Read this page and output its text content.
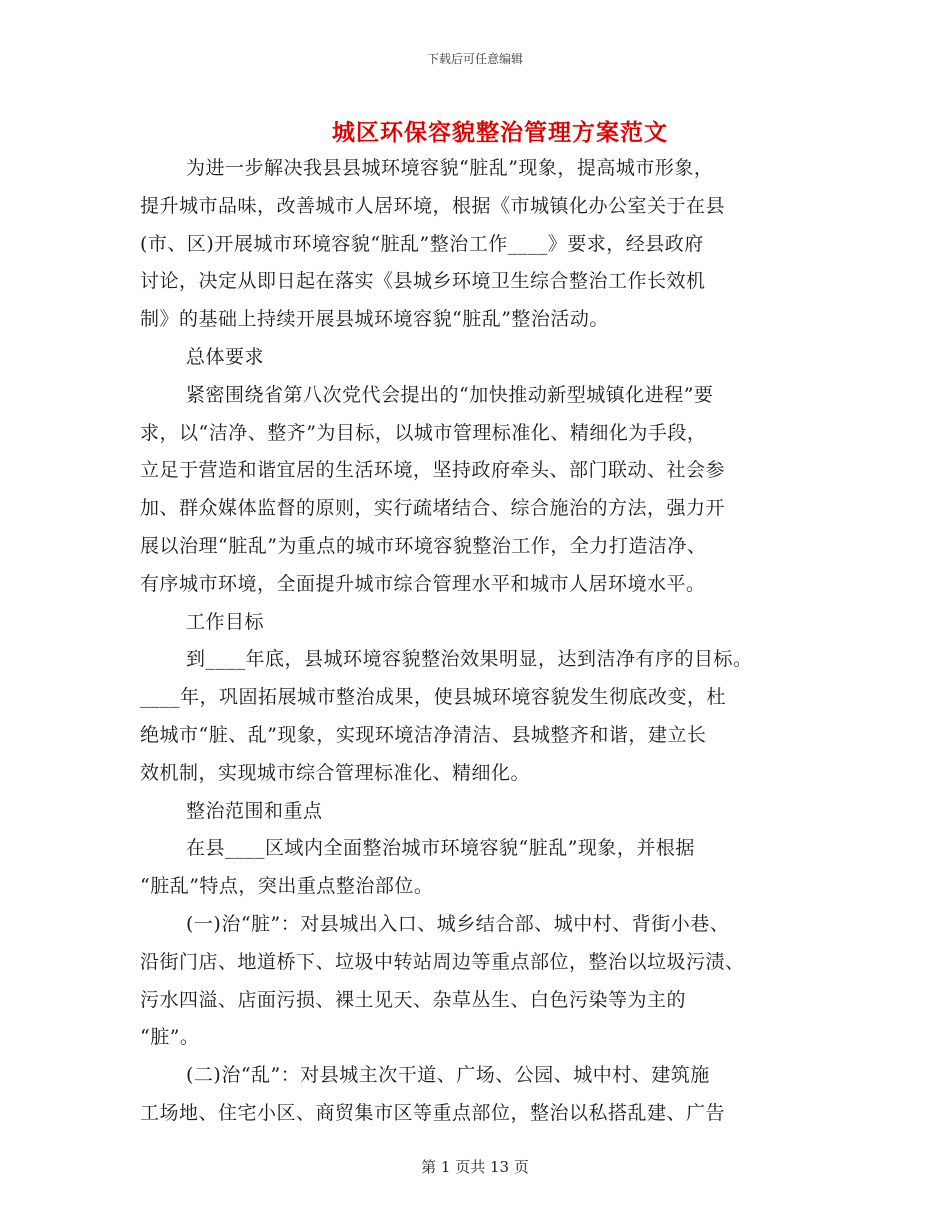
下载后可任意编辑
城区环保容貌整治管理方案范文
为进一步解决我县县城环境容貌“脏乱”现象，提高城市形象，
提升城市品味，改善城市人居环境，根据《市城镇化办公室关于在县
(市、区)开展城市环境容貌“脏乱”整治工作____》要求，经县政府
讨论，决定从即日起在落实《县城乡环境卫生综合整治工作长效机
制》的基础上持续开展县城环境容貌“脏乱”整治活动。
总体要求
紧密围绕省第八次党代会提出的“加快推动新型城镇化进程”要
求，以“洁净、整齐”为目标，以城市管理标准化、精细化为手段，
立足于营造和谐宜居的生活环境，坚持政府牵头、部门联动、社会参
加、群众媒体监督的原则，实行疏堵结合、综合施治的方法，强力开
展以治理“脏乱”为重点的城市环境容貌整治工作，全力打造洁净、
有序城市环境，全面提升城市综合管理水平和城市人居环境水平。
工作目标
到____年底，县城环境容貌整治效果明显，达到洁净有序的目标。
____年，巩固拓展城市整治成果，使县城环境容貌发生彻底改变，杜
绝城市“脏、乱”现象，实现环境洁净清洁、县城整齐和谐，建立长
效机制，实现城市综合管理标准化、精细化。
整治范围和重点
在县____区域内全面整治城市环境容貌“脏乱”现象，并根据
“脏乱”特点，突出重点整治部位。
(一)治“脏”：对县城出入口、城乡结合部、城中村、背街小巷、
沿街门店、地道桥下、垃圾中转站周边等重点部位，整治以垃圾污渍、
污水四溢、店面污损、裸土见天、杂草丛生、白色污染等为主的
“脏”。
(二)治“乱”：对县城主次干道、广场、公园、城中村、建筑施
工场地、住宅小区、商贸集市区等重点部位，整治以私搭乱建、广告
第 1 页共 13 页
